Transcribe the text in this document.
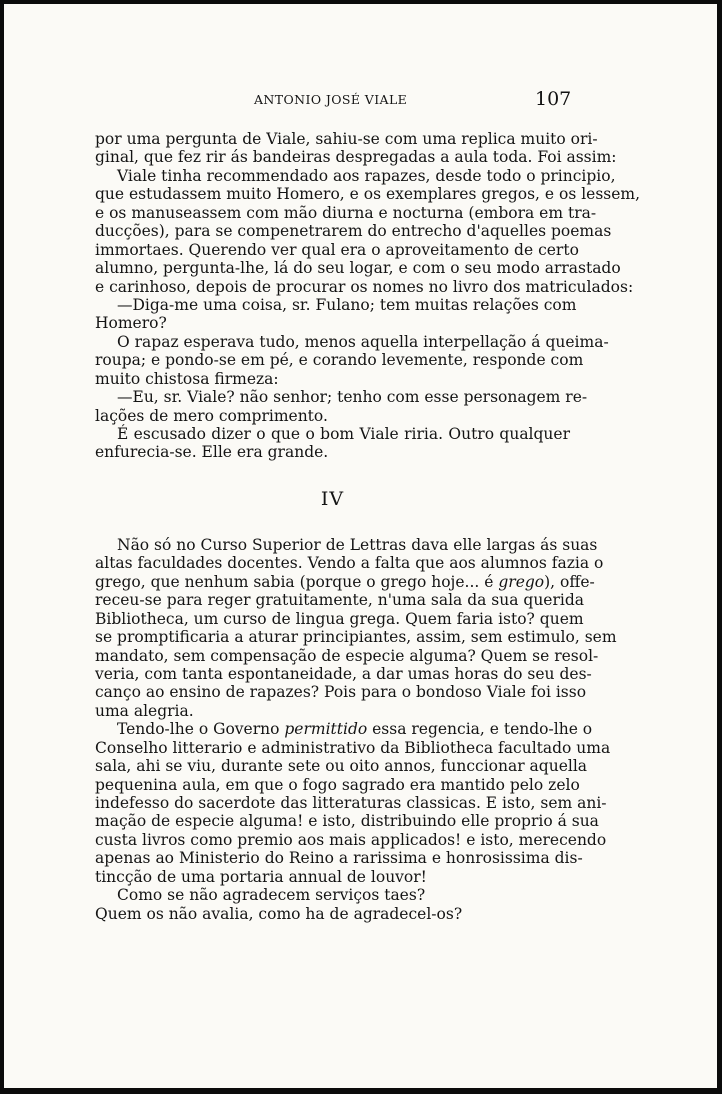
ANTONIO JOSÉ VIALE	107
por uma pergunta de Viale, sahiu-se com uma replica muito ori-
ginal, que fez rir ás bandeiras despregadas a aula toda. Foi assim:
Viale tinha recommendado aos rapazes, desde todo o principio,
que estudassem muito Homero, e os exemplares gregos, e os lessem,
e os manuseassem com mão diurna e nocturna (embora em tra-
ducções), para se compenetrarem do entrecho d'aquelles poemas
immortaes. Querendo ver qual era o aproveitamento de certo
alumno, pergunta-lhe, lá do seu logar, e com o seu modo arrastado
e carinhoso, depois de procurar os nomes no livro dos matriculados:
—Diga-me uma coisa, sr. Fulano; tem muitas relações com
Homero?
O rapaz esperava tudo, menos aquella interpellação á queima-
roupa; e pondo-se em pé, e corando levemente, responde com
muito chistosa firmeza:
—Eu, sr. Viale? não senhor; tenho com esse personagem re-
lações de mero comprimento.
É escusado dizer o que o bom Viale riria. Outro qualquer
enfurecia-se. Elle era grande.
IV
Não só no Curso Superior de Lettras dava elle largas ás suas
altas faculdades docentes. Vendo a falta que aos alumnos fazia o
grego, que nenhum sabia (porque o grego hoje... é grego), offe-
receu-se para reger gratuitamente, n'uma sala da sua querida
Bibliotheca, um curso de lingua grega. Quem faria isto? quem
se promptificaria a aturar principiantes, assim, sem estimulo, sem
mandato, sem compensação de especie alguma? Quem se resol-
veria, com tanta espontaneidade, a dar umas horas do seu des-
canço ao ensino de rapazes? Pois para o bondoso Viale foi isso
uma alegria.
Tendo-lhe o Governo permittido essa regencia, e tendo-lhe o
Conselho litterario e administrativo da Bibliotheca facultado uma
sala, ahi se viu, durante sete ou oito annos, funccionar aquella
pequenina aula, em que o fogo sagrado era mantido pelo zelo
indefesso do sacerdote das litteraturas classicas. E isto, sem ani-
mação de especie alguma! e isto, distribuindo elle proprio á sua
custa livros como premio aos mais applicados! e isto, merecendo
apenas ao Ministerio do Reino a rarissima e honrosissima dis-
tincção de uma portaria annual de louvor!
Como se não agradecem serviços taes?
Quem os não avalia, como ha de agradecel-os?
